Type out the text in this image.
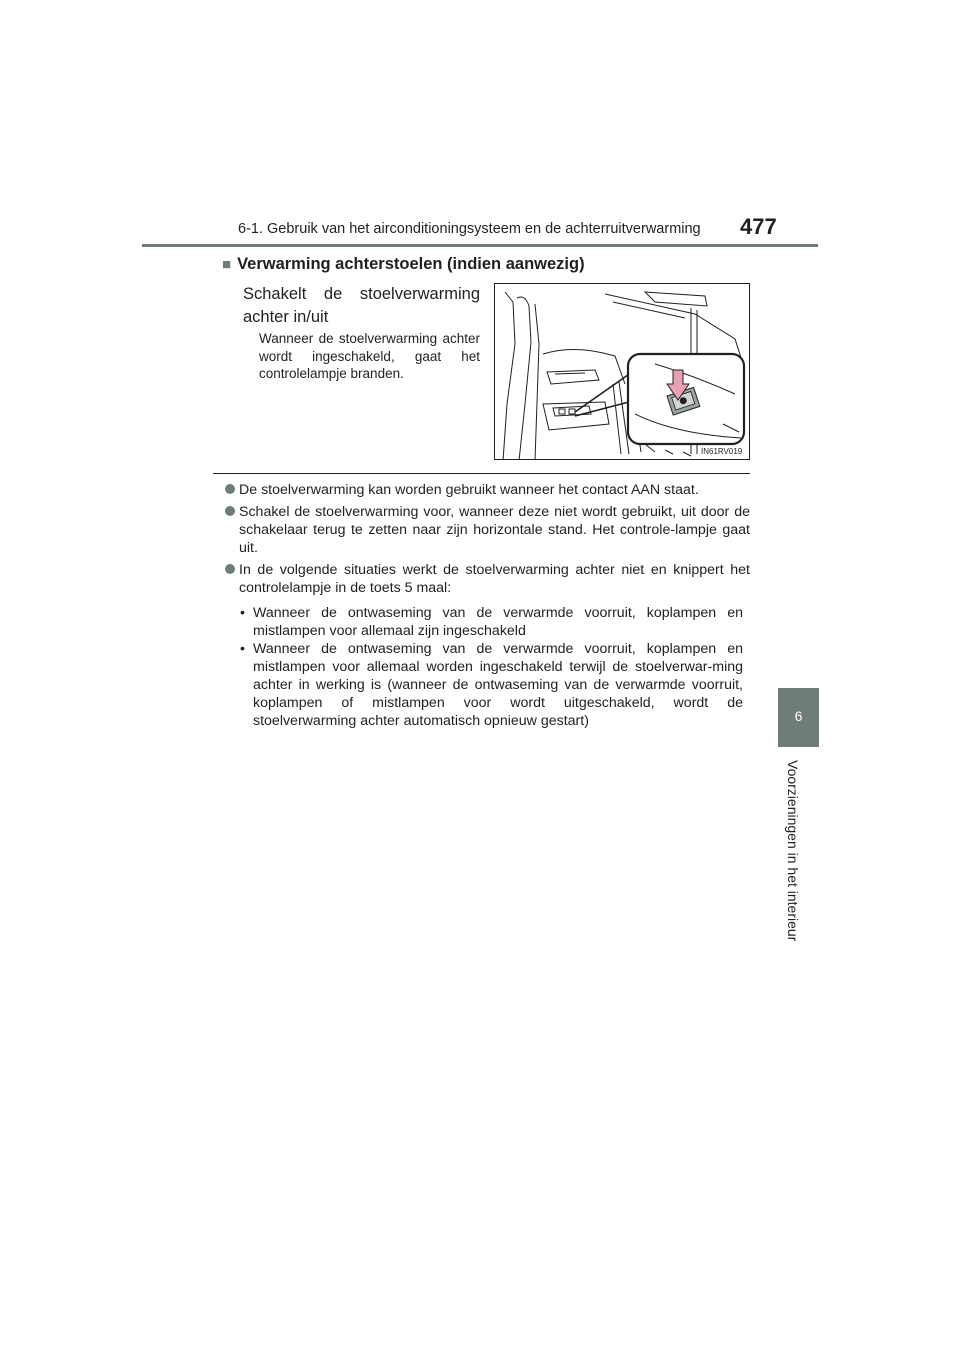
6-1. Gebruik van het airconditioningsysteem en de achterruitverwarming 477
6
Voorzieningen in het interieur
■ Verwarming achterstoelen (indien aanwezig)
Schakelt de stoelverwarming achter in/uit
Wanneer de stoelverwarming achter wordt ingeschakeld, gaat het controlelampje branden.
IN61RV019
De stoelverwarming kan worden gebruikt wanneer het contact AAN staat.
Schakel de stoelverwarming voor, wanneer deze niet wordt gebruikt, uit door de schakelaar terug te zetten naar zijn horizontale stand. Het controle-lampje gaat uit.
In de volgende situaties werkt de stoelverwarming achter niet en knippert het controlelampje in de toets 5 maal:
• Wanneer de ontwaseming van de verwarmde voorruit, koplampen en mistlampen voor allemaal zijn ingeschakeld
• Wanneer de ontwaseming van de verwarmde voorruit, koplampen en mistlampen voor allemaal worden ingeschakeld terwijl de stoelverwar-ming achter in werking is (wanneer de ontwaseming van de verwarmde voorruit, koplampen of mistlampen voor wordt uitgeschakeld, wordt de stoelverwarming achter automatisch opnieuw gestart)
